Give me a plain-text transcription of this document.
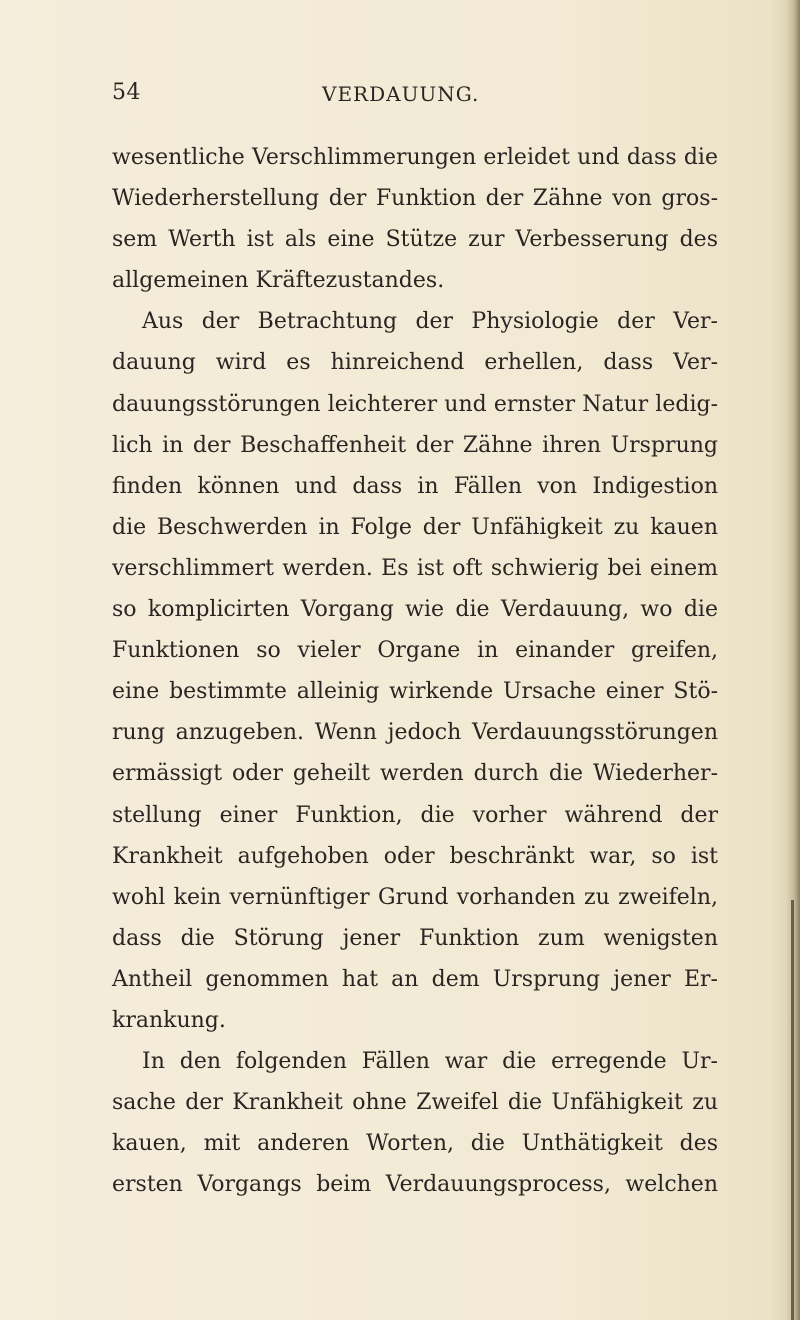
54	VERDAUUNG.
wesentliche Verschlimmerungen erleidet und dass die
Wiederherstellung der Funktion der Zähne von gros-
sem Werth ist als eine Stütze zur Verbesserung des
allgemeinen Kräftezustandes.
Aus der Betrachtung der Physiologie der Ver-
dauung wird es hinreichend erhellen, dass Ver-
dauungsstörungen leichterer und ernster Natur ledig-
lich in der Beschaffenheit der Zähne ihren Ursprung
finden können und dass in Fällen von Indigestion
die Beschwerden in Folge der Unfähigkeit zu kauen
verschlimmert werden. Es ist oft schwierig bei einem
so komplicirten Vorgang wie die Verdauung, wo die
Funktionen so vieler Organe in einander greifen,
eine bestimmte alleinig wirkende Ursache einer Stö-
rung anzugeben. Wenn jedoch Verdauungsstörungen
ermässigt oder geheilt werden durch die Wiederher-
stellung einer Funktion, die vorher während der
Krankheit aufgehoben oder beschränkt war, so ist
wohl kein vernünftiger Grund vorhanden zu zweifeln,
dass die Störung jener Funktion zum wenigsten
Antheil genommen hat an dem Ursprung jener Er-
krankung.
In den folgenden Fällen war die erregende Ur-
sache der Krankheit ohne Zweifel die Unfähigkeit zu
kauen, mit anderen Worten, die Unthätigkeit des
ersten Vorgangs beim Verdauungsprocess, welchen
